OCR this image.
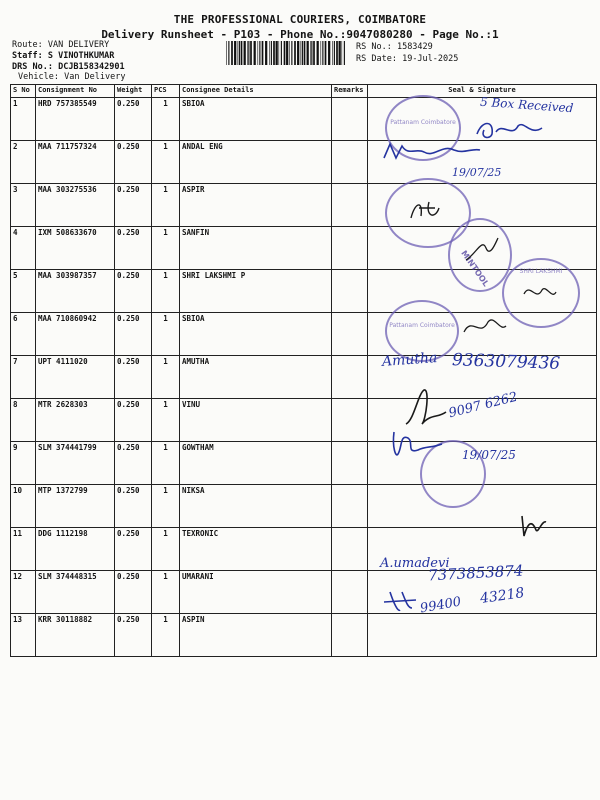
THE PROFESSIONAL COURIERS, COIMBATORE
Delivery Runsheet - P103 - Phone No.:9047080280 - Page No.:1
Route: VAN DELIVERY
Staff: S VINOTHKUMAR
DRS No.: DCJB158342901
Vehicle: Van Delivery
RS No.: 1583429
RS Date: 19-Jul-2025
S No	Consignment No	Weight	PCS	Consignee Details	Remarks	Seal & Signature
1	HRD 757385549	0.250	1	SBIOA		
2	MAA 711757324	0.250	1	ANDAL ENG		
3	MAA 303275536	0.250	1	ASPIR		
4	IXM 508633670	0.250	1	SANFIN		
5	MAA 303987357	0.250	1	SHRI LAKSHMI P		
6	MAA 710860942	0.250	1	SBIOA		
7	UPT 4111020	0.250	1	AMUTHA		
8	MTR 2628303	0.250	1	VINU		
9	SLM 374441799	0.250	1	GOWTHAM		
10	MTP 1372799	0.250	1	NIKSA		
11	DDG 1112198	0.250	1	TEXRONIC		
12	SLM 374448315	0.250	1	UMARANI		
13	KRR 30118882	0.250	1	ASPIN		
Pattanam Coimbatore
Pattanam Coimbatore
MINTOOL	SHRI LAKSHMI
5 Box Received
19/07/25
Amutha 9363079436
9097 6262
19/07/25
A.umadevi
7373853874
99400 43218
